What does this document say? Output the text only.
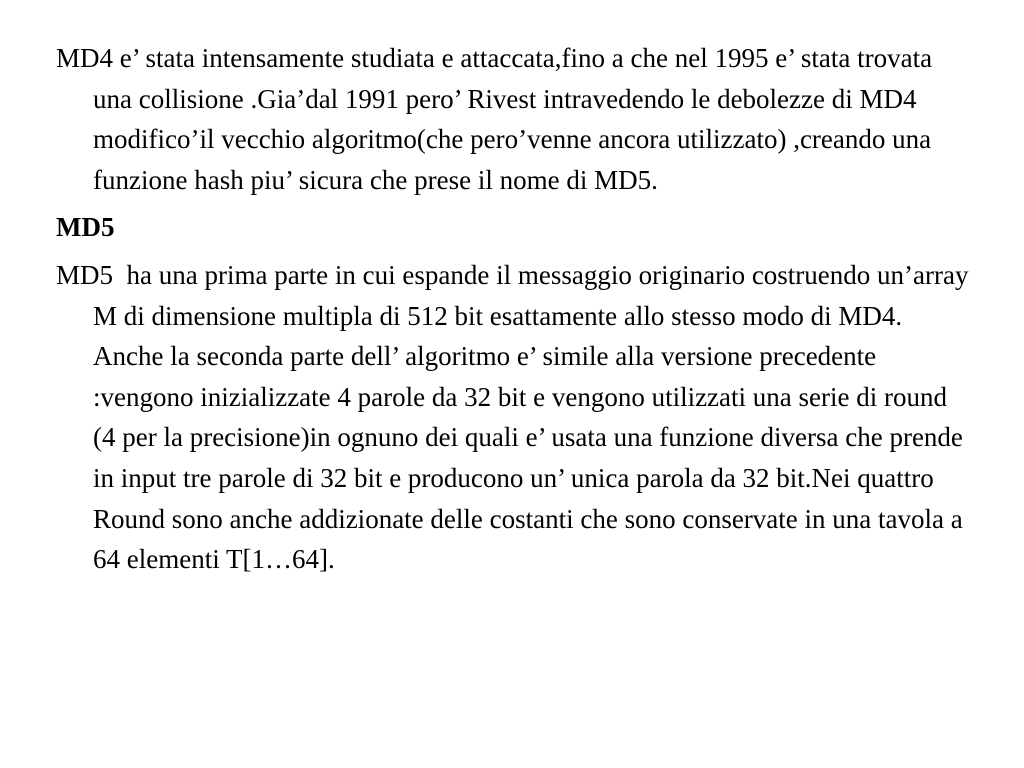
MD4 e’ stata intensamente studiata e attaccata,fino a che nel 1995 e’ stata trovata una collisione .Gia’dal 1991 pero’ Rivest intravedendo le debolezze di MD4 modifico’il vecchio algoritmo(che pero’venne ancora utilizzato) ,creando una funzione hash piu’ sicura che prese il nome di MD5.

MD5

MD5  ha una prima parte in cui espande il messaggio originario costruendo un’array M di dimensione multipla di 512 bit esattamente allo stesso modo di MD4. Anche la seconda parte dell’ algoritmo e’ simile alla versione precedente :vengono inizializzate 4 parole da 32 bit e vengono utilizzati una serie di round (4 per la precisione)in ognuno dei quali e’ usata una funzione diversa che prende in input tre parole di 32 bit e producono un’ unica parola da 32 bit.Nei quattro Round sono anche addizionate delle costanti che sono conservate in una tavola a 64 elementi T[1…64].
